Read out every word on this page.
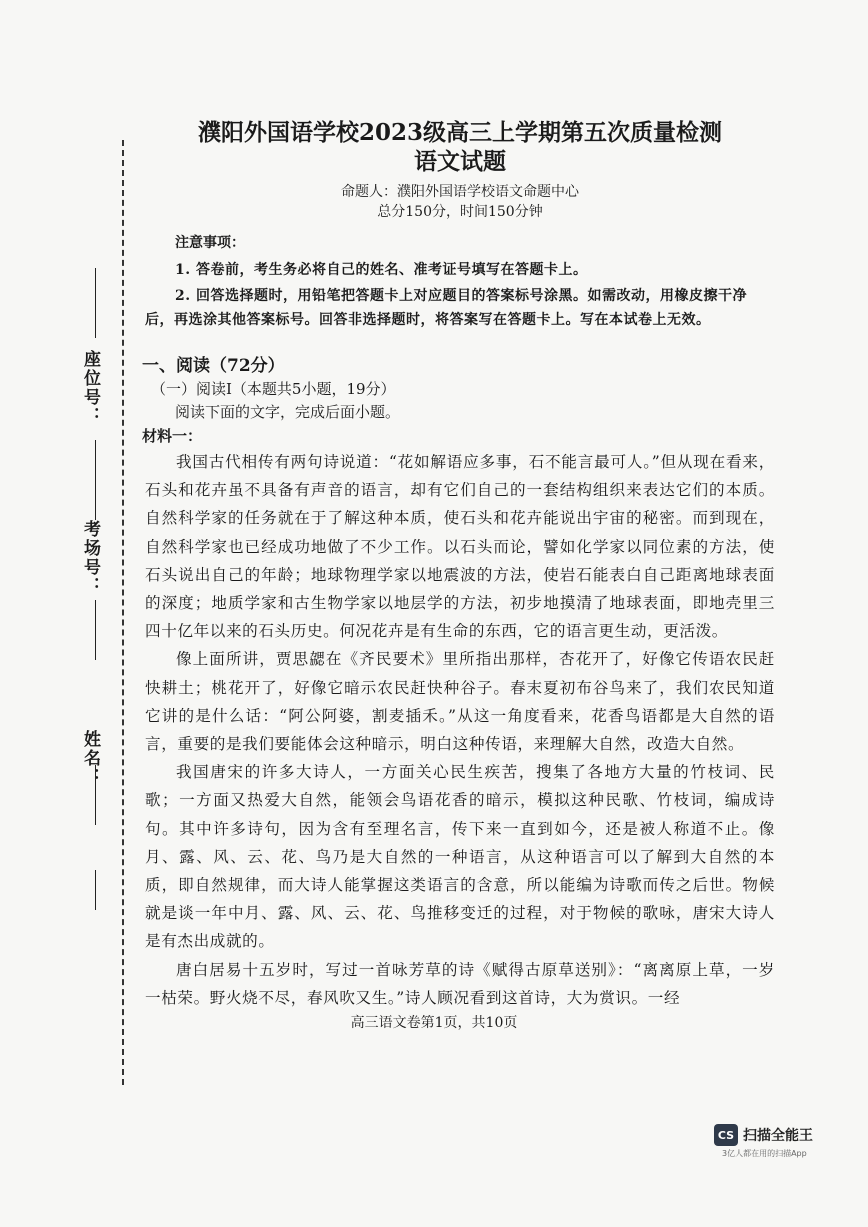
座位号：
考场号：
姓名：

濮阳外国语学校2023级高三上学期第五次质量检测

语文试题

命题人：濮阳外国语学校语文命题中心

总分150分，时间150分钟

注意事项：

1. 答卷前，考生务必将自己的姓名、准考证号填写在答题卡上。

2. 回答选择题时，用铅笔把答题卡上对应题目的答案标号涂黑。如需改动，用橡皮擦干净后，再选涂其他答案标号。回答非选择题时，将答案写在答题卡上。写在本试卷上无效。

一、阅读（72分）

（一）阅读Ⅰ（本题共5小题，19分）

阅读下面的文字，完成后面小题。

材料一：

我国古代相传有两句诗说道：“花如解语应多事，石不能言最可人。”但从现在看来，石头和花卉虽不具备有声音的语言，却有它们自己的一套结构组织来表达它们的本质。自然科学家的任务就在于了解这种本质，使石头和花卉能说出宇宙的秘密。而到现在，自然科学家也已经成功地做了不少工作。以石头而论，譬如化学家以同位素的方法，使石头说出自己的年龄；地球物理学家以地震波的方法，使岩石能表白自己距离地球表面的深度；地质学家和古生物学家以地层学的方法，初步地摸清了地球表面，即地壳里三四十亿年以来的石头历史。何况花卉是有生命的东西，它的语言更生动，更活泼。

像上面所讲，贾思勰在《齐民要术》里所指出那样，杏花开了，好像它传语农民赶快耕土；桃花开了，好像它暗示农民赶快种谷子。春末夏初布谷鸟来了，我们农民知道它讲的是什么话：“阿公阿婆，割麦插禾。”从这一角度看来，花香鸟语都是大自然的语言，重要的是我们要能体会这种暗示，明白这种传语，来理解大自然，改造大自然。

我国唐宋的许多大诗人，一方面关心民生疾苦，搜集了各地方大量的竹枝词、民歌；一方面又热爱大自然，能领会鸟语花香的暗示，模拟这种民歌、竹枝词，编成诗句。其中许多诗句，因为含有至理名言，传下来一直到如今，还是被人称道不止。像月、露、风、云、花、鸟乃是大自然的一种语言，从这种语言可以了解到大自然的本质，即自然规律，而大诗人能掌握这类语言的含意，所以能编为诗歌而传之后世。物候就是谈一年中月、露、风、云、花、鸟推移变迁的过程，对于物候的歌咏，唐宋大诗人是有杰出成就的。

唐白居易十五岁时，写过一首咏芳草的诗《赋得古原草送别》：“离离原上草，一岁一枯荣。野火烧不尽，春风吹又生。”诗人顾况看到这首诗，大为赏识。一经

高三语文卷第1页，共10页
CS 扫描全能王
3亿人都在用的扫描App
